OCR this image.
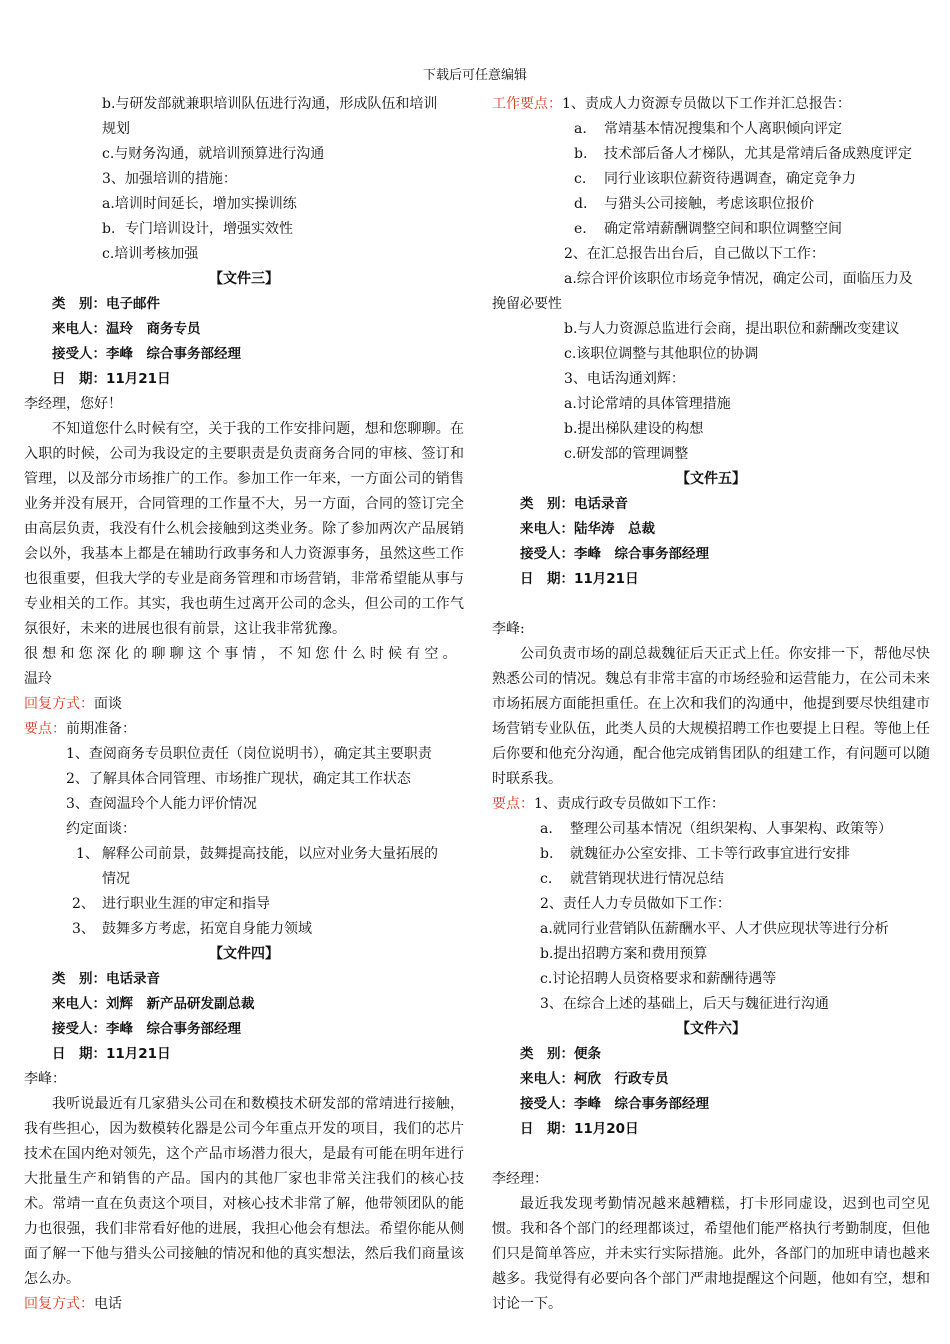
下载后可任意编辑
b.与研发部就兼职培训队伍进行沟通，形成队伍和培训
规划
c.与财务沟通，就培训预算进行沟通
3、加强培训的措施：
a.培训时间延长，增加实操训练
b．专门培训设计，增强实效性
c.培训考核加强
【文件三】
类　别：电子邮件
来电人：温玲　商务专员
接受人：李峰　综合事务部经理
日　期：11月21日
李经理，您好！
不知道您什么时候有空，关于我的工作安排问题，想和您聊聊。在入职的时候，公司为我设定的主要职责是负责商务合同的审核、签订和管理，以及部分市场推广的工作。参加工作一年来，一方面公司的销售业务并没有展开，合同管理的工作量不大，另一方面，合同的签订完全由高层负责，我没有什么机会接触到这类业务。除了参加两次产品展销会以外，我基本上都是在辅助行政事务和人力资源事务，虽然这些工作也很重要，但我大学的专业是商务管理和市场营销，非常希望能从事与专业相关的工作。其实，我也萌生过离开公司的念头，但公司的工作气氛很好，未来的进展也很有前景，这让我非常犹豫。
很想和您深化的聊聊这个事情，不知您什么时候有空。
温玲
回复方式：面谈
要点：前期准备：
1、查阅商务专员职位责任（岗位说明书），确定其主要职责
2、了解具体合同管理、市场推广现状，确定其工作状态
3、查阅温玲个人能力评价情况
约定面谈：
1、 解释公司前景，鼓舞提高技能，以应对业务大量拓展的
情况
2、 进行职业生涯的审定和指导
3、 鼓舞多方考虑，拓宽自身能力领域
【文件四】
类　别：电话录音
来电人：刘辉　新产品研发副总裁
接受人：李峰　综合事务部经理
日　期：11月21日
李峰：
我听说最近有几家猎头公司在和数模技术研发部的常靖进行接触，我有些担心，因为数模转化器是公司今年重点开发的项目，我们的芯片技术在国内绝对领先，这个产品市场潜力很大，是最有可能在明年进行大批量生产和销售的产品。国内的其他厂家也非常关注我们的核心技术。常靖一直在负责这个项目，对核心技术非常了解，他带领团队的能力也很强，我们非常看好他的进展，我担心他会有想法。希望你能从侧面了解一下他与猎头公司接触的情况和他的真实想法，然后我们商量该怎么办。
回复方式：电话
工作要点：1、责成人力资源专员做以下工作并汇总报告：
a. 常靖基本情况搜集和个人离职倾向评定
b. 技术部后备人才梯队，尤其是常靖后备成熟度评定
c. 同行业该职位薪资待遇调查，确定竞争力
d. 与猎头公司接触，考虑该职位报价
e. 确定常靖薪酬调整空间和职位调整空间
2、在汇总报告出台后，自己做以下工作：
a.综合评价该职位市场竞争情况，确定公司，面临压力及
挽留必要性
b.与人力资源总监进行会商，提出职位和薪酬改变建议
c.该职位调整与其他职位的协调
3、电话沟通刘辉：
a.讨论常靖的具体管理措施
b.提出梯队建设的构想
c.研发部的管理调整
【文件五】
类　别：电话录音
来电人：陆华涛　总裁
接受人：李峰　综合事务部经理
日　期：11月21日
李峰:
公司负责市场的副总裁魏征后天正式上任。你安排一下，帮他尽快熟悉公司的情况。魏总有非常丰富的市场经验和运营能力，在公司未来市场拓展方面能担重任。在上次和我们的沟通中，他提到要尽快组建市场营销专业队伍，此类人员的大规模招聘工作也要提上日程。等他上任后你要和他充分沟通，配合他完成销售团队的组建工作，有问题可以随时联系我。
要点：1、责成行政专员做如下工作：
a. 整理公司基本情况（组织架构、人事架构、政策等）
b. 就魏征办公室安排、工卡等行政事宜进行安排
c. 就营销现状进行情况总结
2、责任人力专员做如下工作：
a.就同行业营销队伍薪酬水平、人才供应现状等进行分析
b.提出招聘方案和费用预算
c.讨论招聘人员资格要求和薪酬待遇等
3、在综合上述的基础上，后天与魏征进行沟通
【文件六】
类　别：便条
来电人：柯欣　行政专员
接受人：李峰　综合事务部经理
日　期：11月20日
李经理：
最近我发现考勤情况越来越糟糕，打卡形同虚设，迟到也司空见惯。我和各个部门的经理都谈过，希望他们能严格执行考勤制度，但他们只是简单答应，并未实行实际措施。此外，各部门的加班申请也越来越多。我觉得有必要向各个部门严肃地提醒这个问题，他如有空，想和讨论一下。
